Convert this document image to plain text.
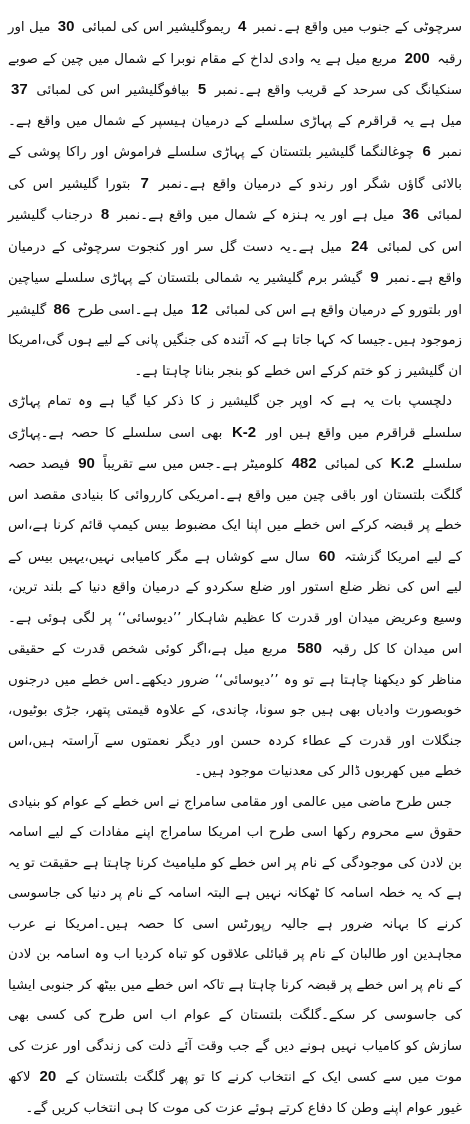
سرچوٹی کے جنوب میں واقع ہے۔نمبر 4 ریموگلیشیر اس کی لمبائی 30 میل اور رقبہ 200 مربع میل ہے یہ وادی لداخ کے مقام نوبرا کے شمال میں چین کے صوبے سنکیانگ کی سرحد کے قریب واقع ہے۔نمبر 5 بیافوگلیشیر اس کی لمبائی 37 میل ہے یہ قراقرم کے پہاڑی سلسلے کے درمیان ہیسپر کے شمال میں واقع ہے۔نمبر 6 چوغالنگما گلیشیر بلتستان کے پہاڑی سلسلے فراموش اور راکا پوشی کے بالائی گاؤں شگر اور رندو کے درمیان واقع ہے۔نمبر 7 بتورا گلیشیر اس کی لمبائی 36 میل ہے اور یہ ہنزہ کے شمال میں واقع ہے۔نمبر 8 درجناب گلیشیر اس کی لمبائی 24 میل ہے۔یہ دست گل سر اور کنجوت سرچوٹی کے درمیان واقع ہے۔نمبر 9 گیشر برم گلیشیر یہ شمالی بلتستان کے پہاڑی سلسلے سیاچین اور بلتورو کے درمیان واقع ہے اس کی لمبائی 12 میل ہے۔اسی طرح 86 گلیشیر زموجود ہیں۔جیسا کہ کہا جاتا ہے کہ آئندہ کی جنگیں پانی کے لیے ہوں گی،امریکا ان گلیشیر ز کو ختم کرکے اس خطے کو بنجر بنانا چاہتا ہے۔

دلچسپ بات یہ ہے کہ اوپر جن گلیشیر ز کا ذکر کیا گیا ہے وہ تمام پہاڑی سلسلے قراقرم میں واقع ہیں اور K-2 بھی اسی سلسلے کا حصہ ہے۔پہاڑی سلسلے K.2 کی لمبائی 482 کلومیٹر ہے۔جس میں سے تقریباً 90 فیصد حصہ گلگت بلتستان اور باقی چین میں واقع ہے۔امریکی کارروائی کا بنیادی مقصد اس خطے پر قبضہ کرکے اس خطے میں اپنا ایک مضبوط بیس کیمپ قائم کرنا ہے،اس کے لیے امریکا گزشتہ 60 سال سے کوشاں ہے مگر کامیابی نہیں،یہیں بیس کے لیے اس کی نظر ضلع استور اور ضلع سکردو کے درمیان واقع دنیا کے بلند ترین، وسیع وعریض میدان اور قدرت کا عظیم شاہکار ’’دیوسائی‘‘ پر لگی ہوئی ہے۔اس میدان کا کل رقبہ 580 مربع میل ہے،اگر کوئی شخص قدرت کے حقیقی مناظر کو دیکھنا چاہتا ہے تو وہ ’’دیوسائی‘‘ ضرور دیکھے۔اس خطے میں درجنوں خوبصورت وادیاں بھی ہیں جو سونا، چاندی، کے علاوہ قیمتی پتھر، جڑی بوٹیوں، جنگلات اور قدرت کے عطاء کردہ حسن اور دیگر نعمتوں سے آراستہ ہیں،اس خطے میں کھربوں ڈالر کی معدنیات موجود ہیں۔

جس طرح ماضی میں عالمی اور مقامی سامراج نے اس خطے کے عوام کو بنیادی حقوق سے محروم رکھا اسی طرح اب امریکا سامراج اپنے مفادات کے لیے اسامہ بن لادن کی موجودگی کے نام پر اس خطے کو ملیامیٹ کرنا چاہتا ہے حقیقت تو یہ ہے کہ یہ خطہ اسامہ کا ٹھکانہ نہیں ہے البتہ اسامہ کے نام پر دنیا کی جاسوسی کرنے کا بہانہ ضرور ہے جالیہ رپورٹس اسی کا حصہ ہیں۔امریکا نے عرب مجاہدین اور طالبان کے نام پر قبائلی علاقوں کو تباہ کردیا اب وہ اسامہ بن لادن کے نام پر اس خطے پر قبضہ کرنا چاہتا ہے تاکہ اس خطے میں بیٹھ کر جنوبی ایشیا کی جاسوسی کر سکے۔گلگت بلتستان کے عوام اب اس طرح کی کسی بھی سازش کو کامیاب نہیں ہونے دیں گے جب وقت آئے ذلت کی زندگی اور عزت کی موت میں سے کسی ایک کے انتخاب کرنے کا تو پھر گلگت بلتستان کے 20 لاکھ غیور عوام اپنے وطن کا دفاع کرتے ہوئے عزت کی موت کا ہی انتخاب کریں گے۔
